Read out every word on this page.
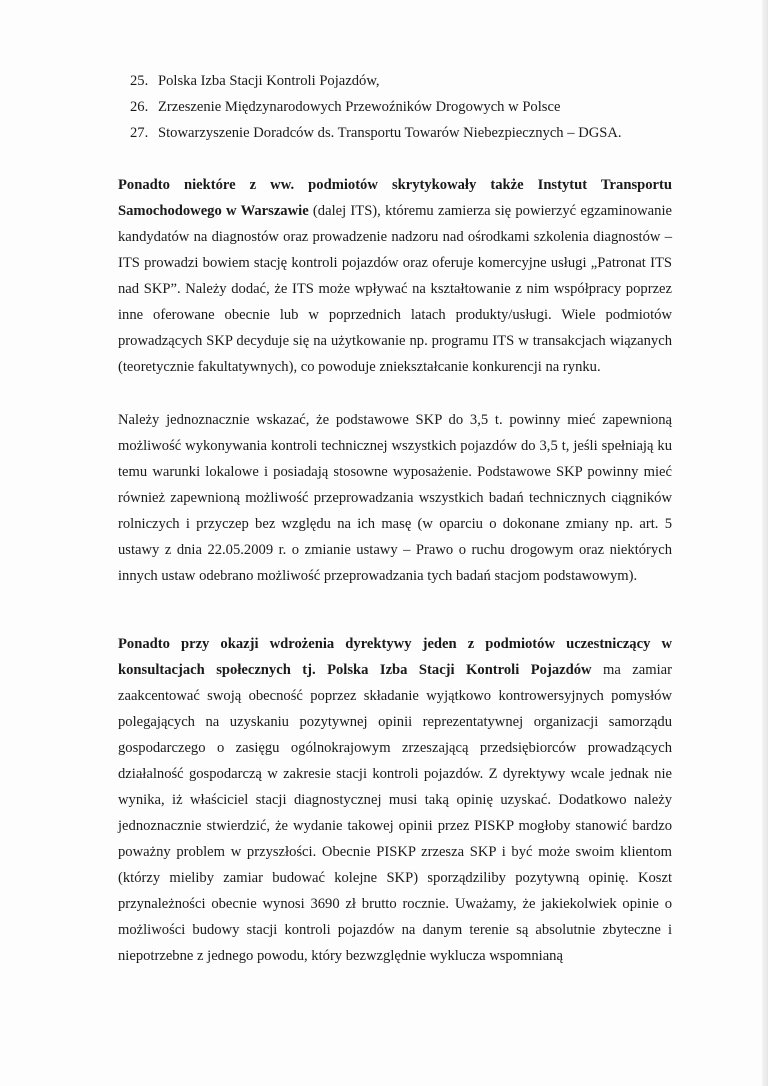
25. Polska Izba Stacji Kontroli Pojazdów,
26. Zrzeszenie Międzynarodowych Przewoźników Drogowych w Polsce
27. Stowarzyszenie Doradców ds. Transportu Towarów Niebezpiecznych – DGSA.

Ponadto niektóre z ww. podmiotów skrytykowały także Instytut Transportu Samochodowego w Warszawie (dalej ITS), któremu zamierza się powierzyć egzaminowanie kandydatów na diagnostów oraz prowadzenie nadzoru nad ośrodkami szkolenia diagnostów – ITS prowadzi bowiem stację kontroli pojazdów oraz oferuje komercyjne usługi „Patronat ITS nad SKP”. Należy dodać, że ITS może wpływać na kształtowanie z nim współpracy poprzez inne oferowane obecnie lub w poprzednich latach produkty/usługi. Wiele podmiotów prowadzących SKP decyduje się na użytkowanie np. programu ITS w transakcjach wiązanych (teoretycznie fakultatywnych), co powoduje zniekształcanie konkurencji na rynku.

Należy jednoznacznie wskazać, że podstawowe SKP do 3,5 t. powinny mieć zapewnioną możliwość wykonywania kontroli technicznej wszystkich pojazdów do 3,5 t, jeśli spełniają ku temu warunki lokalowe i posiadają stosowne wyposażenie. Podstawowe SKP powinny mieć również zapewnioną możliwość przeprowadzania wszystkich badań technicznych ciągników rolniczych i przyczep bez względu na ich masę (w oparciu o dokonane zmiany np. art. 5 ustawy z dnia 22.05.2009 r. o zmianie ustawy – Prawo o ruchu drogowym oraz niektórych innych ustaw odebrano możliwość przeprowadzania tych badań stacjom podstawowym).

Ponadto przy okazji wdrożenia dyrektywy jeden z podmiotów uczestniczący w konsultacjach społecznych tj. Polska Izba Stacji Kontroli Pojazdów ma zamiar zaakcentować swoją obecność poprzez składanie wyjątkowo kontrowersyjnych pomysłów polegających na uzyskaniu pozytywnej opinii reprezentatywnej organizacji samorządu gospodarczego o zasięgu ogólnokrajowym zrzeszającą przedsiębiorców prowadzących działalność gospodarczą w zakresie stacji kontroli pojazdów. Z dyrektywy wcale jednak nie wynika, iż właściciel stacji diagnostycznej musi taką opinię uzyskać. Dodatkowo należy jednoznacznie stwierdzić, że wydanie takowej opinii przez PISKP mogłoby stanowić bardzo poważny problem w przyszłości. Obecnie PISKP zrzesza SKP i być może swoim klientom (którzy mieliby zamiar budować kolejne SKP) sporządziliby pozytywną opinię. Koszt przynależności obecnie wynosi 3690 zł brutto rocznie. Uważamy, że jakiekolwiek opinie o możliwości budowy stacji kontroli pojazdów na danym terenie są absolutnie zbyteczne i niepotrzebne z jednego powodu, który bezwzględnie wyklucza wspomnianą
